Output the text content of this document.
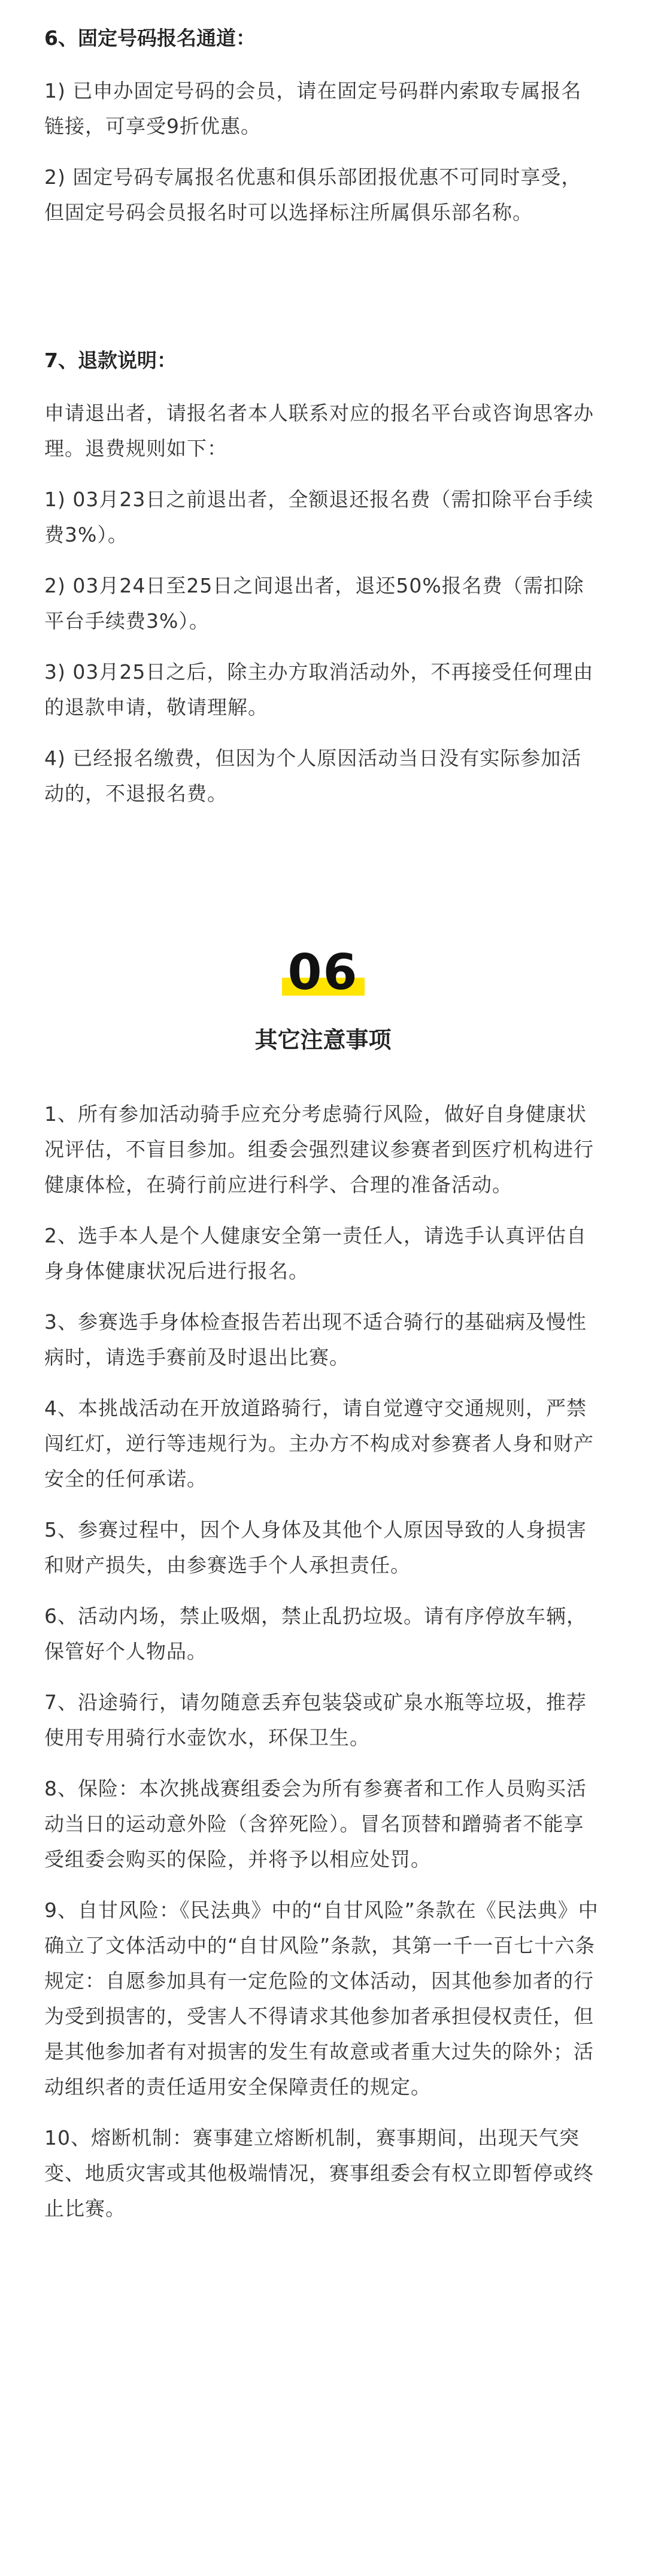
6、固定号码报名通道：

1) 已申办固定号码的会员，请在固定号码群内索取专属报名链接，可享受9折优惠。

2) 固定号码专属报名优惠和俱乐部团报优惠不可同时享受，但固定号码会员报名时可以选择标注所属俱乐部名称。

7、退款说明：

申请退出者，请报名者本人联系对应的报名平台或咨询思客办理。退费规则如下：

1) 03月23日之前退出者，全额退还报名费（需扣除平台手续费3%）。

2) 03月24日至25日之间退出者，退还50%报名费（需扣除平台手续费3%）。

3) 03月25日之后，除主办方取消活动外，不再接受任何理由的退款申请，敬请理解。

4) 已经报名缴费，但因为个人原因活动当日没有实际参加活动的，不退报名费。

06
其它注意事项

1、所有参加活动骑手应充分考虑骑行风险，做好自身健康状况评估，不盲目参加。组委会强烈建议参赛者到医疗机构进行健康体检，在骑行前应进行科学、合理的准备活动。

2、选手本人是个人健康安全第一责任人，请选手认真评估自身身体健康状况后进行报名。

3、参赛选手身体检查报告若出现不适合骑行的基础病及慢性病时，请选手赛前及时退出比赛。

4、本挑战活动在开放道路骑行，请自觉遵守交通规则，严禁闯红灯，逆行等违规行为。主办方不构成对参赛者人身和财产安全的任何承诺。

5、参赛过程中，因个人身体及其他个人原因导致的人身损害和财产损失，由参赛选手个人承担责任。

6、活动内场，禁止吸烟，禁止乱扔垃圾。请有序停放车辆，保管好个人物品。

7、沿途骑行，请勿随意丢弃包装袋或矿泉水瓶等垃圾，推荐使用专用骑行水壶饮水，环保卫生。

8、保险：本次挑战赛组委会为所有参赛者和工作人员购买活动当日的运动意外险（含猝死险）。冒名顶替和蹭骑者不能享受组委会购买的保险，并将予以相应处罚。

9、自甘风险：《民法典》中的“自甘风险”条款在《民法典》中确立了文体活动中的“自甘风险”条款，其第一千一百七十六条规定：自愿参加具有一定危险的文体活动，因其他参加者的行为受到损害的，受害人不得请求其他参加者承担侵权责任，但是其他参加者有对损害的发生有故意或者重大过失的除外；活动组织者的责任适用安全保障责任的规定。

10、熔断机制：赛事建立熔断机制，赛事期间，出现天气突变、地质灾害或其他极端情况，赛事组委会有权立即暂停或终止比赛。
